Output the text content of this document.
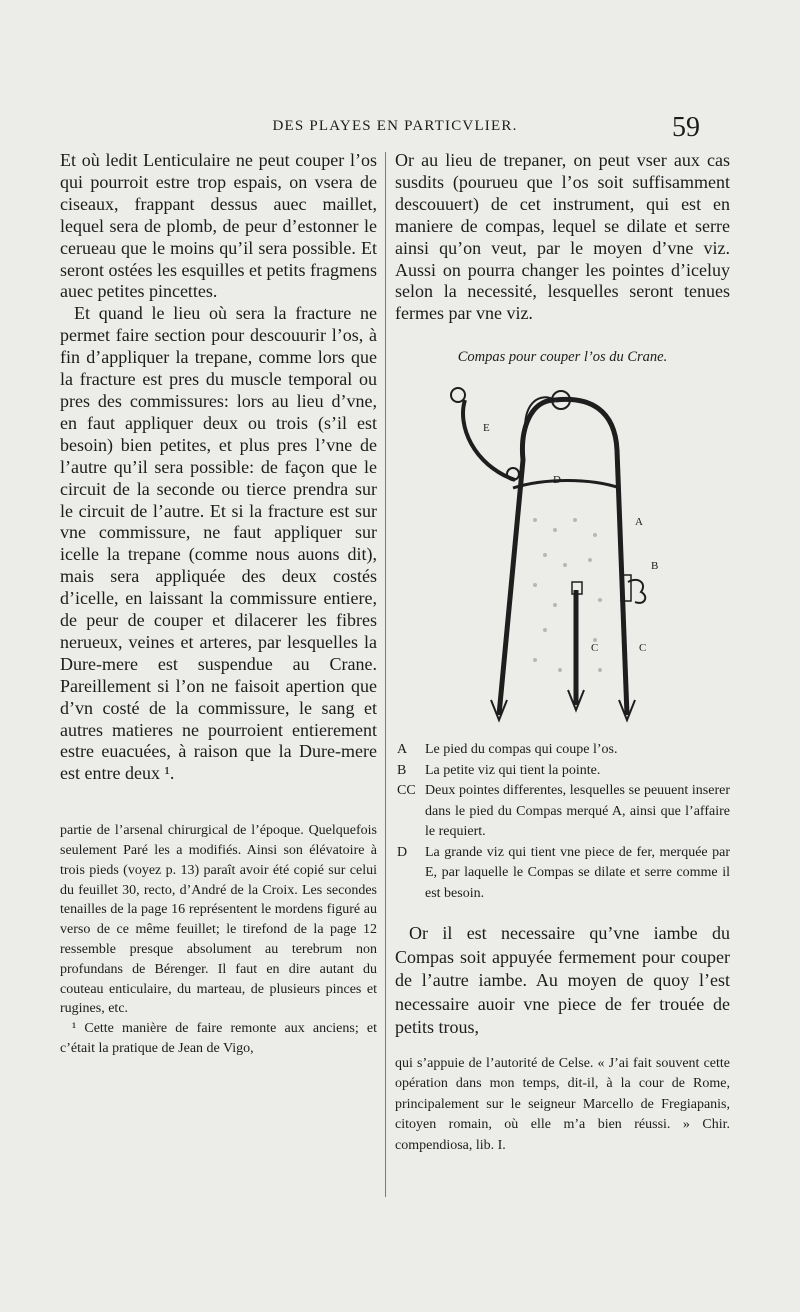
DES PLAYES EN PARTICVLIER.	59

Et où ledit Lenticulaire ne peut couper l’os qui pourroit estre trop espais, on vsera de ciseaux, frappant dessus auec maillet, lequel sera de plomb, de peur d’estonner le cerueau que le moins qu’il sera possible. Et seront ostées les esquilles et petits fragmens auec petites pincettes.

Et quand le lieu où sera la fracture ne permet faire section pour descouurir l’os, à fin d’appliquer la trepane, comme lors que la fracture est pres du muscle temporal ou pres des commissures: lors au lieu d’vne, en faut appliquer deux ou trois (s’il est besoin) bien petites, et plus pres l’vne de l’autre qu’il sera possible: de façon que le circuit de la seconde ou tierce prendra sur le circuit de l’autre. Et si la fracture est sur vne commissure, ne faut appliquer sur icelle la trepane (comme nous auons dit), mais sera appliquée des deux costés d’icelle, en laissant la commissure entiere, de peur de couper et dilacerer les fibres nerueux, veines et arteres, par lesquelles la Dure-mere est suspendue au Crane. Pareillement si l’on ne faisoit apertion que d’vn costé de la commissure, le sang et autres matieres ne pourroient entierement estre euacuées, à raison que la Dure-mere est entre deux ¹.

partie de l’arsenal chirurgical de l’époque. Quelquefois seulement Paré les a modifiés. Ainsi son élévatoire à trois pieds (voyez p. 13) paraît avoir été copié sur celui du feuillet 30, recto, d’André de la Croix. Les secondes tenailles de la page 16 représentent le mordens figuré au verso de ce même feuillet; le tirefond de la page 12 ressemble presque absolument au terebrum non profundans de Bérenger. Il faut en dire autant du couteau enticulaire, du marteau, de plusieurs pinces et rugines, etc.

¹ Cette manière de faire remonte aux anciens; et c’était la pratique de Jean de Vigo,

Or au lieu de trepaner, on peut vser aux cas susdits (pourueu que l’os soit suffisamment descouuert) de cet instrument, qui est en maniere de compas, lequel se dilate et serre ainsi qu’on veut, par le moyen d’vne viz. Aussi on pourra changer les pointes d’iceluy selon la necessité, lesquelles seront tenues fermes par vne viz.

Compas pour couper l’os du Crane.

E
D
A
B
C	C
A	Le pied du compas qui coupe l’os.
B	La petite viz qui tient la pointe.
CC Deux pointes differentes, lesquelles se peuuent inserer dans le pied du Compas merqué A, ainsi que l’affaire le requiert.
D	La grande viz qui tient vne piece de fer, merquée par E, par laquelle le Compas se dilate et serre comme il est besoin.

Or il est necessaire qu’vne iambe du Compas soit appuyée fermement pour couper de l’autre iambe. Au moyen de quoy l’est necessaire auoir vne piece de fer trouée de petits trous,

qui s’appuie de l’autorité de Celse. « J’ai fait souvent cette opération dans mon temps, dit-il, à la cour de Rome, principalement sur le seigneur Marcello de Fregiapanis, citoyen romain, où elle m’a bien réussi. » Chir. compendiosa, lib. I.
